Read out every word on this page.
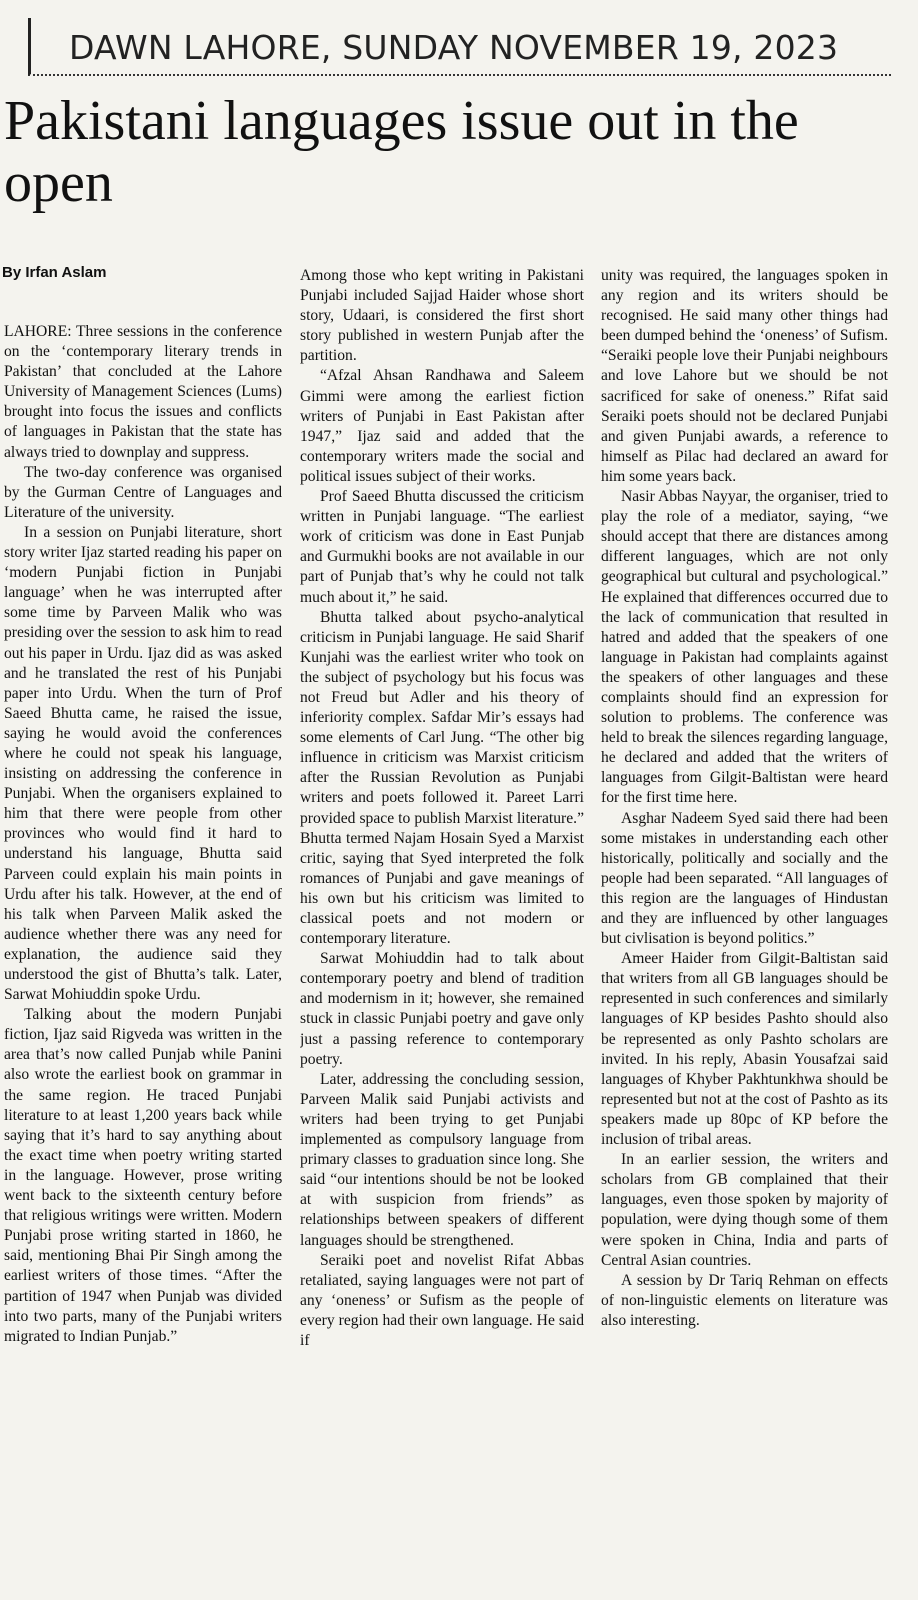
DAWN LAHORE, SUNDAY NOVEMBER 19, 2023
Pakistani languages issue out in the open
By Irfan Aslam

LAHORE: Three sessions in the conference on the ‘contemporary literary trends in Pakistan’ that concluded at the Lahore University of Management Sciences (Lums) brought into focus the issues and conflicts of languages in Pakistan that the state has always tried to downplay and suppress.

The two-day conference was organised by the Gurman Centre of Languages and Literature of the university.

In a session on Punjabi literature, short story writer Ijaz started reading his paper on ‘modern Punjabi fiction in Punjabi language’ when he was interrupted after some time by Parveen Malik who was presiding over the session to ask him to read out his paper in Urdu. Ijaz did as was asked and he translated the rest of his Punjabi paper into Urdu. When the turn of Prof Saeed Bhutta came, he raised the issue, saying he would avoid the conferences where he could not speak his language, insisting on addressing the conference in Punjabi. When the organisers explained to him that there were people from other provinces who would find it hard to understand his language, Bhutta said Parveen could explain his main points in Urdu after his talk. However, at the end of his talk when Parveen Malik asked the audience whether there was any need for explanation, the audience said they understood the gist of Bhutta’s talk. Later, Sarwat Mohiuddin spoke Urdu.

Talking about the modern Punjabi fiction, Ijaz said Rigveda was written in the area that’s now called Punjab while Panini also wrote the earliest book on grammar in the same region. He traced Punjabi literature to at least 1,200 years back while saying that it’s hard to say anything about the exact time when poetry writing started in the language. However, prose writing went back to the sixteenth century before that religious writings were written. Modern Punjabi prose writing started in 1860, he said, mentioning Bhai Pir Singh among the earliest writers of those times. “After the partition of 1947 when Punjab was divided into two parts, many of the Punjabi writers migrated to Indian Punjab.”

Among those who kept writing in Pakistani Punjabi included Sajjad Haider whose short story, Udaari, is considered the first short story published in western Punjab after the partition.

“Afzal Ahsan Randhawa and Saleem Gimmi were among the earliest fiction writers of Punjabi in East Pakistan after 1947,” Ijaz said and added that the contemporary writers made the social and political issues subject of their works.

Prof Saeed Bhutta discussed the criticism written in Punjabi language. “The earliest work of criticism was done in East Punjab and Gurmukhi books are not available in our part of Punjab that’s why he could not talk much about it,” he said.

Bhutta talked about psycho-analytical criticism in Punjabi language. He said Sharif Kunjahi was the earliest writer who took on the subject of psychology but his focus was not Freud but Adler and his theory of inferiority complex. Safdar Mir’s essays had some elements of Carl Jung. “The other big influence in criticism was Marxist criticism after the Russian Revolution as Punjabi writers and poets followed it. Pareet Larri provided space to publish Marxist literature.” Bhutta termed Najam Hosain Syed a Marxist critic, saying that Syed interpreted the folk romances of Punjabi and gave meanings of his own but his criticism was limited to classical poets and not modern or contemporary literature.

Sarwat Mohiuddin had to talk about contemporary poetry and blend of tradition and modernism in it; however, she remained stuck in classic Punjabi poetry and gave only just a passing reference to contemporary poetry.

Later, addressing the concluding session, Parveen Malik said Punjabi activists and writers had been trying to get Punjabi implemented as compulsory language from primary classes to graduation since long. She said “our intentions should be not be looked at with suspicion from friends” as relationships between speakers of different languages should be strengthened.

Seraiki poet and novelist Rifat Abbas retaliated, saying languages were not part of any ‘oneness’ or Sufism as the people of every region had their own language. He said if

unity was required, the languages spoken in any region and its writers should be recognised. He said many other things had been dumped behind the ‘oneness’ of Sufism. “Seraiki people love their Punjabi neighbours and love Lahore but we should be not sacrificed for sake of oneness.” Rifat said Seraiki poets should not be declared Punjabi and given Punjabi awards, a reference to himself as Pilac had declared an award for him some years back.

Nasir Abbas Nayyar, the organiser, tried to play the role of a mediator, saying, “we should accept that there are distances among different languages, which are not only geographical but cultural and psychological.” He explained that differences occurred due to the lack of communication that resulted in hatred and added that the speakers of one language in Pakistan had complaints against the speakers of other languages and these complaints should find an expression for solution to problems. The conference was held to break the silences regarding language, he declared and added that the writers of languages from Gilgit-Baltistan were heard for the first time here.

Asghar Nadeem Syed said there had been some mistakes in understanding each other historically, politically and socially and the people had been separated. “All languages of this region are the languages of Hindustan and they are influenced by other languages but civlisation is beyond politics.”

Ameer Haider from Gilgit-Baltistan said that writers from all GB languages should be represented in such conferences and similarly languages of KP besides Pashto should also be represented as only Pashto scholars are invited. In his reply, Abasin Yousafzai said languages of Khyber Pakhtunkhwa should be represented but not at the cost of Pashto as its speakers made up 80pc of KP before the inclusion of tribal areas.

In an earlier session, the writers and scholars from GB complained that their languages, even those spoken by majority of population, were dying though some of them were spoken in China, India and parts of Central Asian countries.

A session by Dr Tariq Rehman on effects of non-linguistic elements on literature was also interesting.
